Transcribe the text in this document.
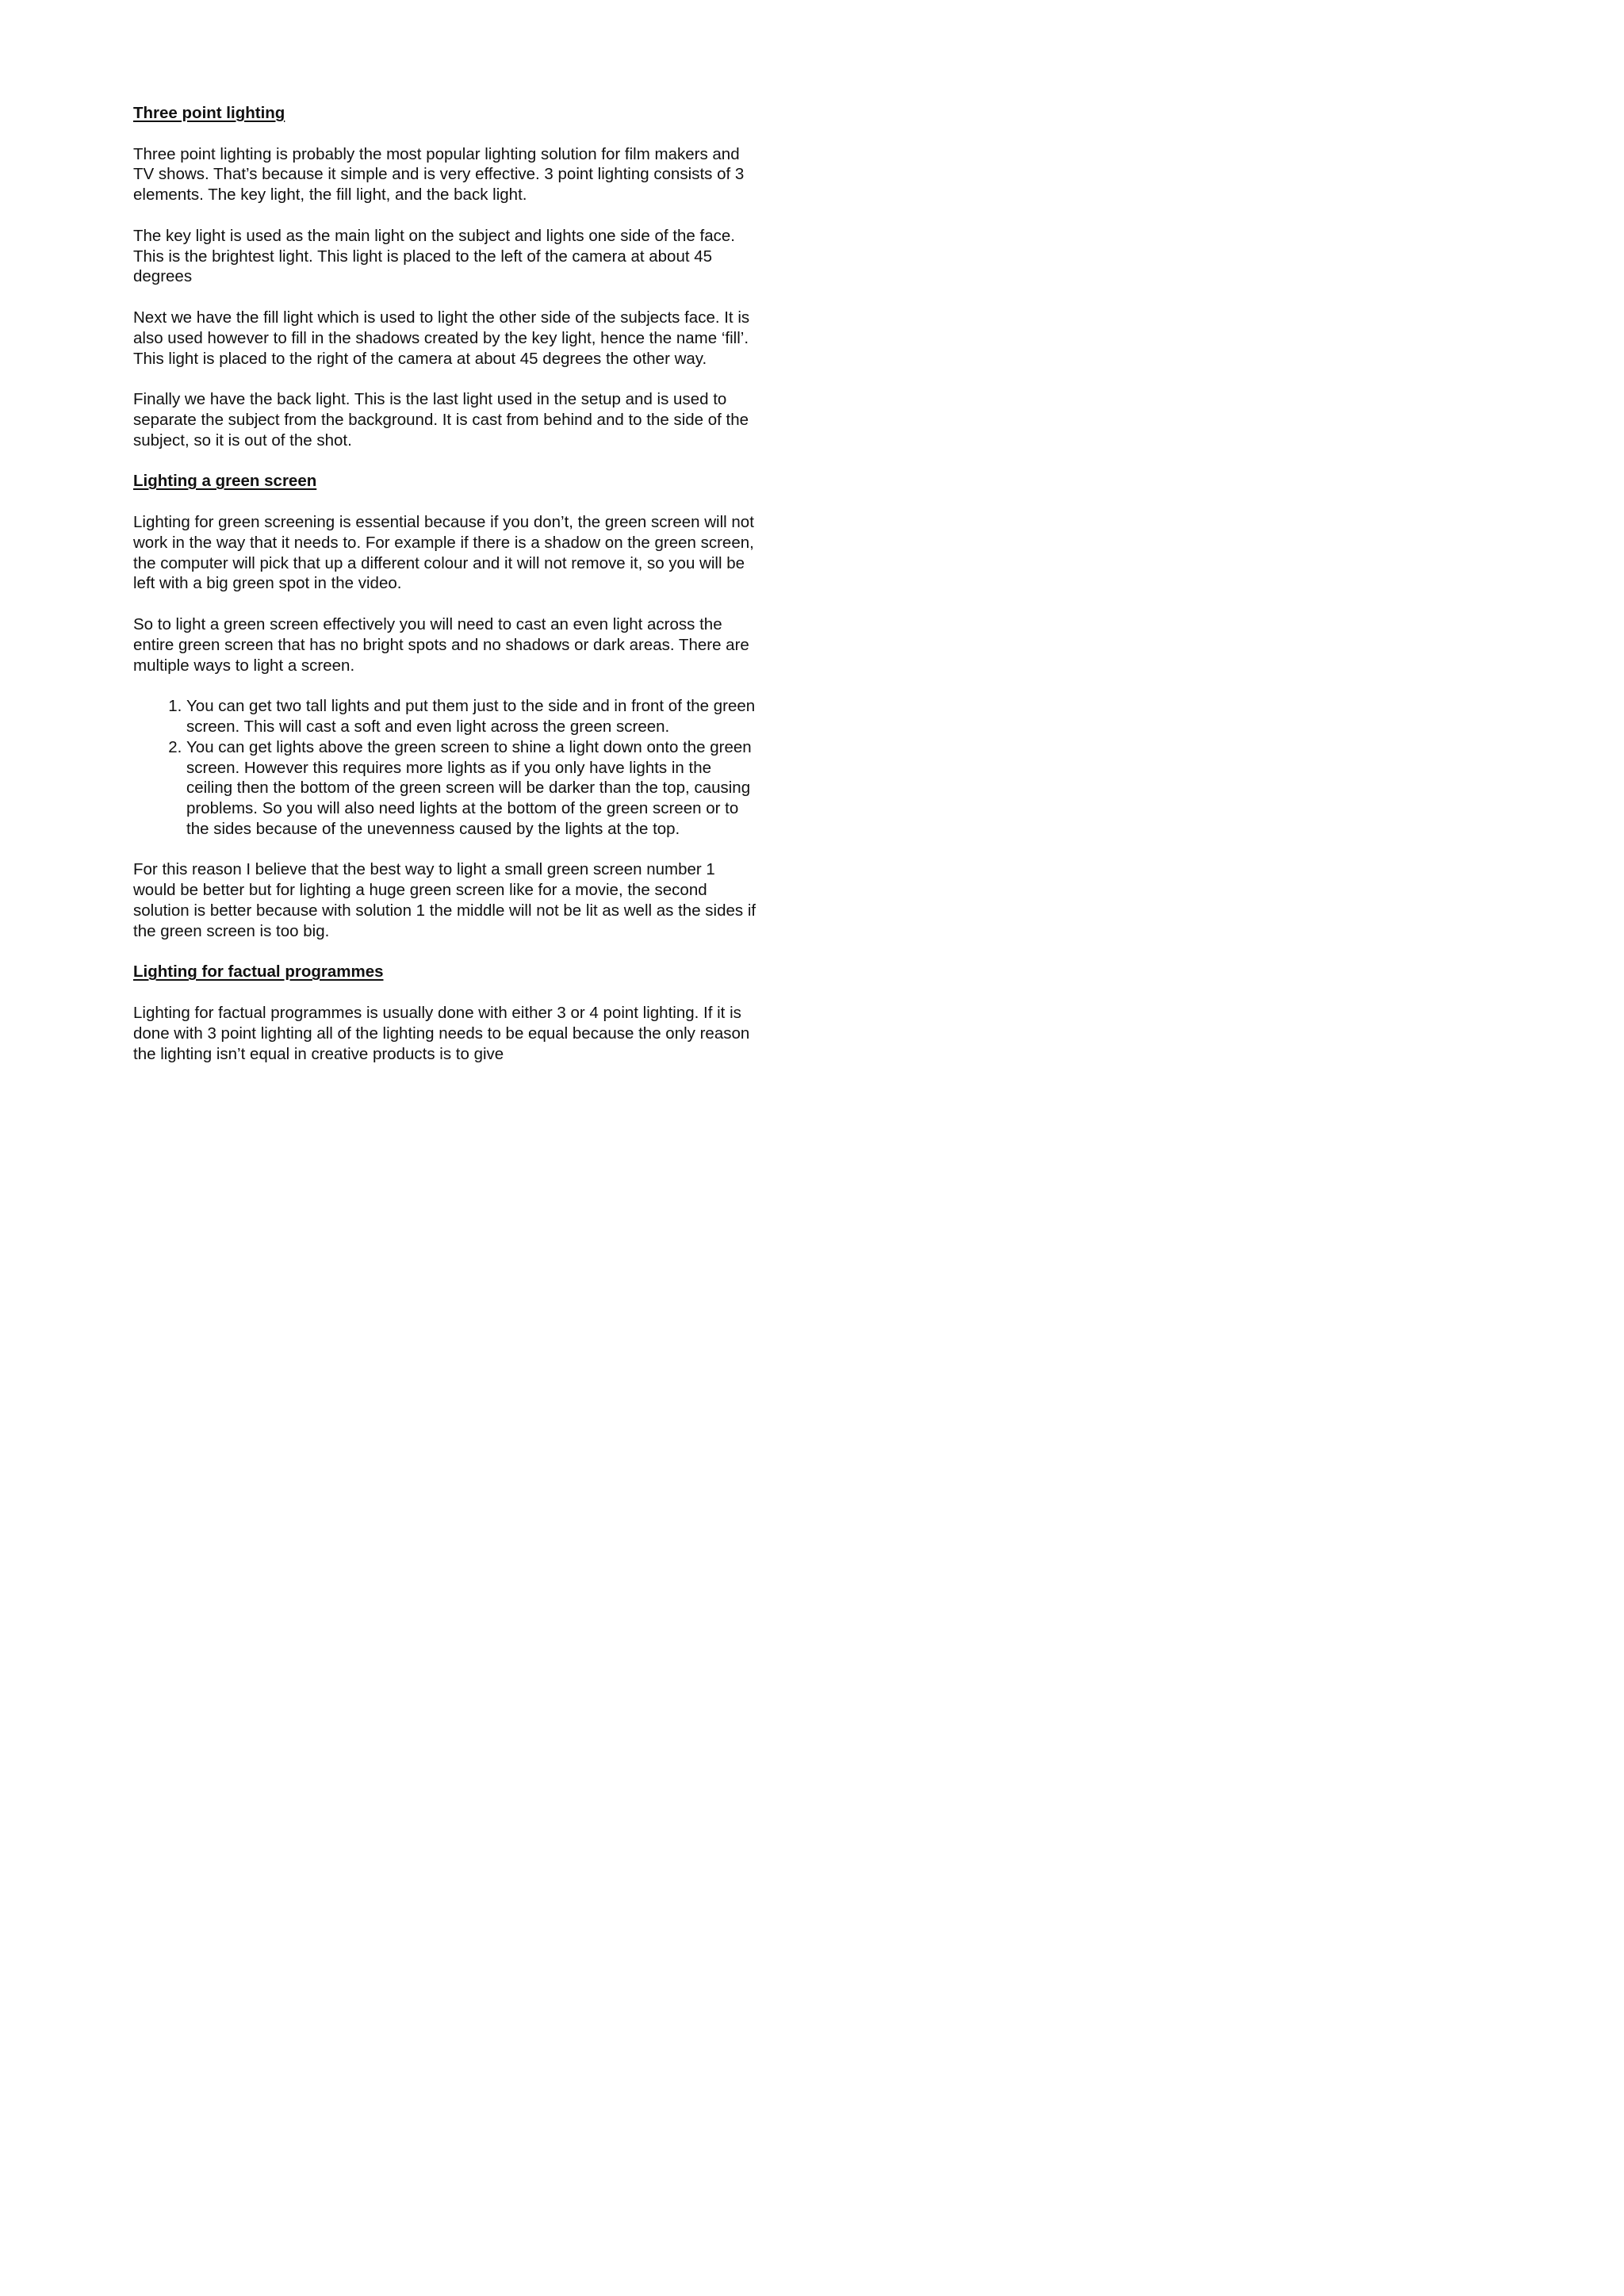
Three point lighting

Three point lighting is probably the most popular lighting solution for film makers and TV shows. That’s because it simple and is very effective. 3 point lighting consists of 3 elements. The key light, the fill light, and the back light.

The key light is used as the main light on the subject and lights one side of the face. This is the brightest light. This light is placed to the left of the camera at about 45 degrees

Next we have the fill light which is used to light the other side of the subjects face. It is also used however to fill in the shadows created by the key light, hence the name ‘fill’. This light is placed to the right of the camera at about 45 degrees the other way.

Finally we have the back light. This is the last light used in the setup and is used to separate the subject from the background. It is cast from behind and to the side of the subject, so it is out of the shot.

Lighting a green screen

Lighting for green screening is essential because if you don’t, the green screen will not work in the way that it needs to. For example if there is a shadow on the green screen, the computer will pick that up a different colour and it will not remove it, so you will be left with a big green spot in the video.

So to light a green screen effectively you will need to cast an even light across the entire green screen that has no bright spots and no shadows or dark areas. There are multiple ways to light a screen.

1. You can get two tall lights and put them just to the side and in front of the green screen. This will cast a soft and even light across the green screen.
2. You can get lights above the green screen to shine a light down onto the green screen. However this requires more lights as if you only have lights in the ceiling then the bottom of the green screen will be darker than the top, causing problems. So you will also need lights at the bottom of the green screen or to the sides because of the unevenness caused by the lights at the top.

For this reason I believe that the best way to light a small green screen number 1 would be better but for lighting a huge green screen like for a movie, the second solution is better because with solution 1 the middle will not be lit as well as the sides if the green screen is too big.

Lighting for factual programmes

Lighting for factual programmes is usually done with either 3 or 4 point lighting. If it is done with 3 point lighting all of the lighting needs to be equal because the only reason the lighting isn’t equal in creative products is to give
